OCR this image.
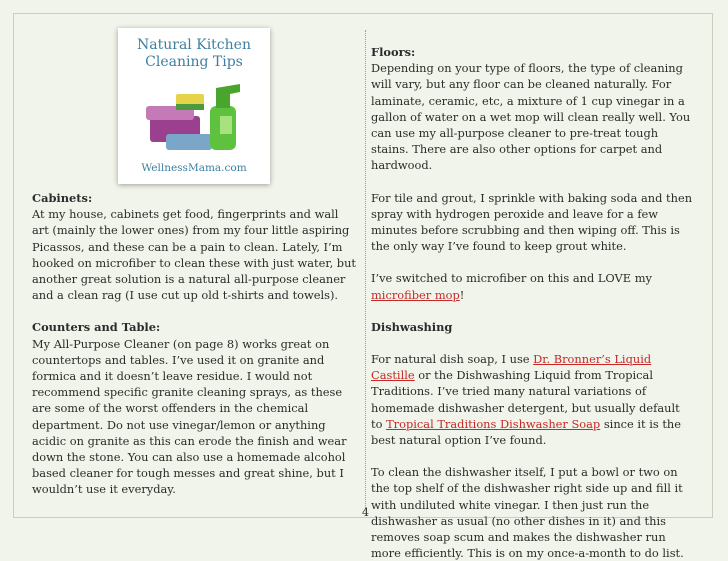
Natural Kitchen
Cleaning Tips
WellnessMama.com
Cabinets:

At my house, cabinets get food, fingerprints and wall art (mainly the lower ones) from my four little aspiring Picassos, and these can be a pain to clean. Lately, I’m hooked on microfiber to clean these with just water, but another great solution is a natural all-purpose cleaner and a clean rag (I use cut up old t-shirts and towels).

Counters and Table:

My All-Purpose Cleaner (on page 8) works great on countertops and tables. I’ve used it on granite and formica and it doesn’t leave residue. I would not recommend specific granite cleaning sprays, as these are some of the worst offenders in the chemical department. Do not use vinegar/lemon or anything acidic on granite as this can erode the finish and wear down the stone. You can also use a homemade alcohol based cleaner for tough messes and great shine, but I wouldn’t use it everyday.

Floors:

Depending on your type of floors, the type of cleaning will vary, but any floor can be cleaned naturally. For laminate, ceramic, etc, a mixture of 1 cup vinegar in a gallon of water on a wet mop will clean really well. You can use my all-purpose cleaner to pre-treat tough stains. There are also other options for carpet and hardwood.

For tile and grout, I sprinkle with baking soda and then spray with hydrogen peroxide and leave for a few minutes before scrubbing and then wiping off. This is the only way I’ve found to keep grout white.

I’ve switched to microfiber on this and LOVE my microfiber mop!

Dishwashing

For natural dish soap, I use Dr. Bronner’s Liquid Castille or the Dishwashing Liquid from Tropical Traditions. I’ve tried many natural variations of homemade dishwasher detergent, but usually default to Tropical Traditions Dishwasher Soap since it is the best natural option I’ve found.

To clean the dishwasher itself, I put a bowl or two on the top shelf of the dishwasher right side up and fill it with undiluted white vinegar. I then just run the dishwasher as usual (no other dishes in it) and this removes soap scum and makes the dishwasher run more efficiently. This is on my once-a-month to do list.

4
